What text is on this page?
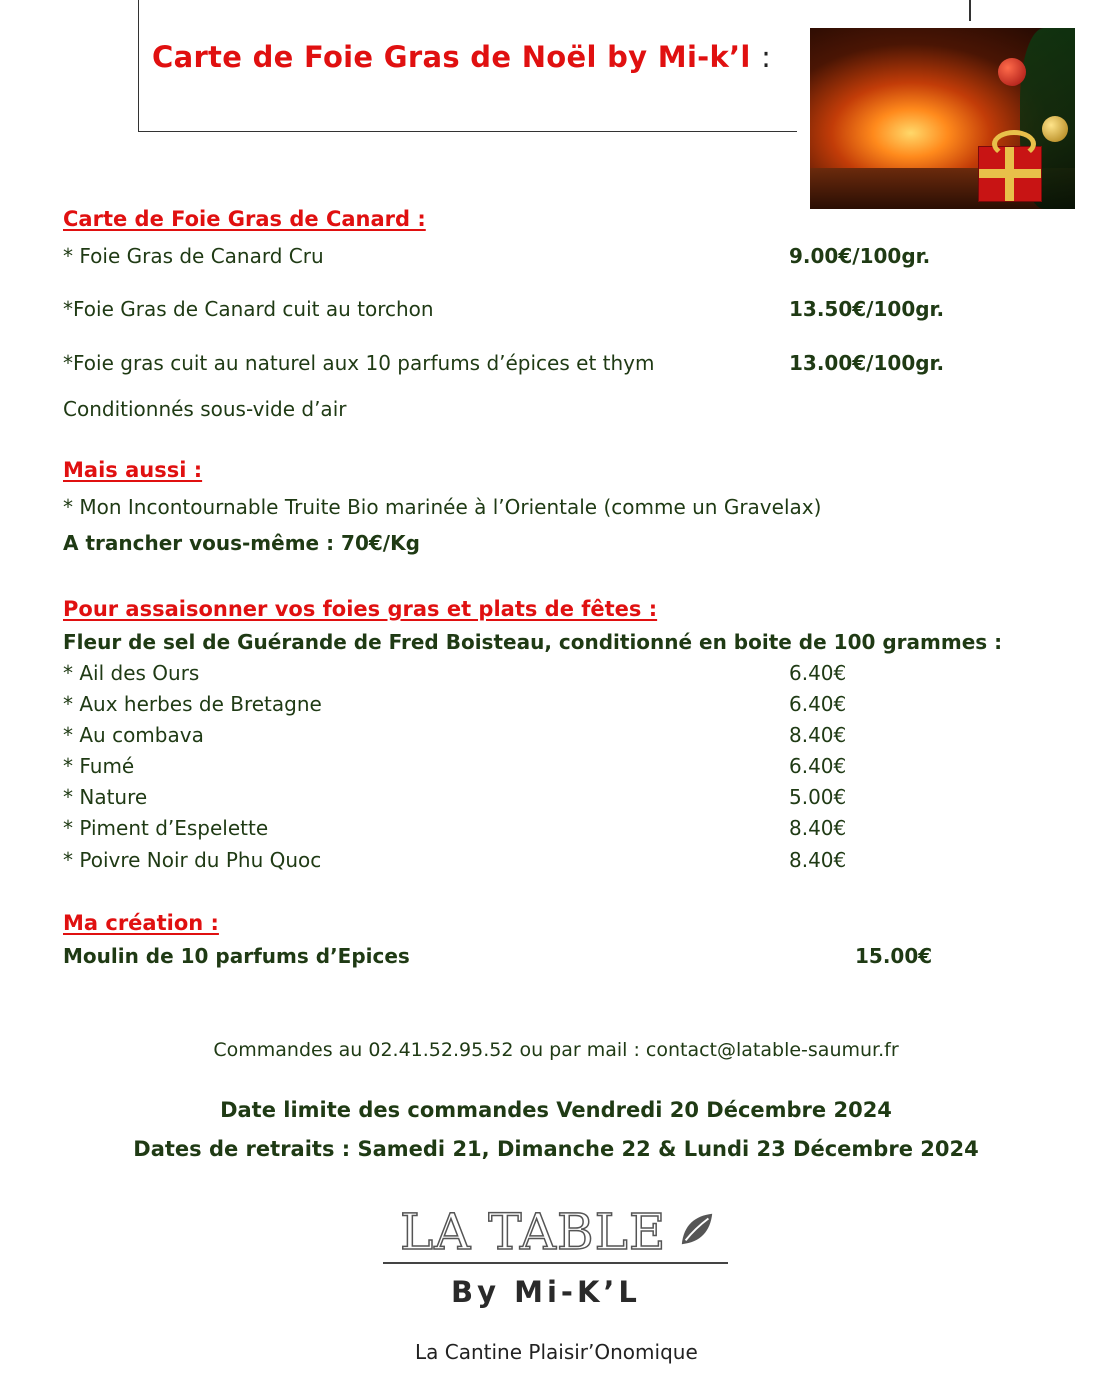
Carte de Foie Gras de Noël by Mi-k’l :
Carte de Foie Gras de Canard :
* Foie Gras de Canard Cru	9.00€/100gr.
*Foie Gras de Canard cuit au torchon	13.50€/100gr.
*Foie gras cuit au naturel aux 10 parfums d’épices et thym	13.00€/100gr.
Conditionnés sous-vide d’air
Mais aussi :
* Mon Incontournable Truite Bio marinée à l’Orientale (comme un Gravelax)
A trancher vous-même : 70€/Kg
Pour assaisonner vos foies gras et plats de fêtes :
Fleur de sel de Guérande de Fred Boisteau, conditionné en boite de 100 grammes :
* Ail des Ours	6.40€
* Aux herbes de Bretagne	6.40€
* Au combava	8.40€
* Fumé	6.40€
* Nature	5.00€
* Piment d’Espelette	8.40€
* Poivre Noir du Phu Quoc	8.40€
Ma création :
Moulin de 10 parfums d’Epices	15.00€
Commandes au 02.41.52.95.52 ou par mail : contact@latable-saumur.fr
Date limite des commandes Vendredi 20 Décembre 2024
Dates de retraits : Samedi 21, Dimanche 22 & Lundi 23 Décembre 2024
LA TABLE
By Mi-K’L
La Cantine Plaisir’Onomique
